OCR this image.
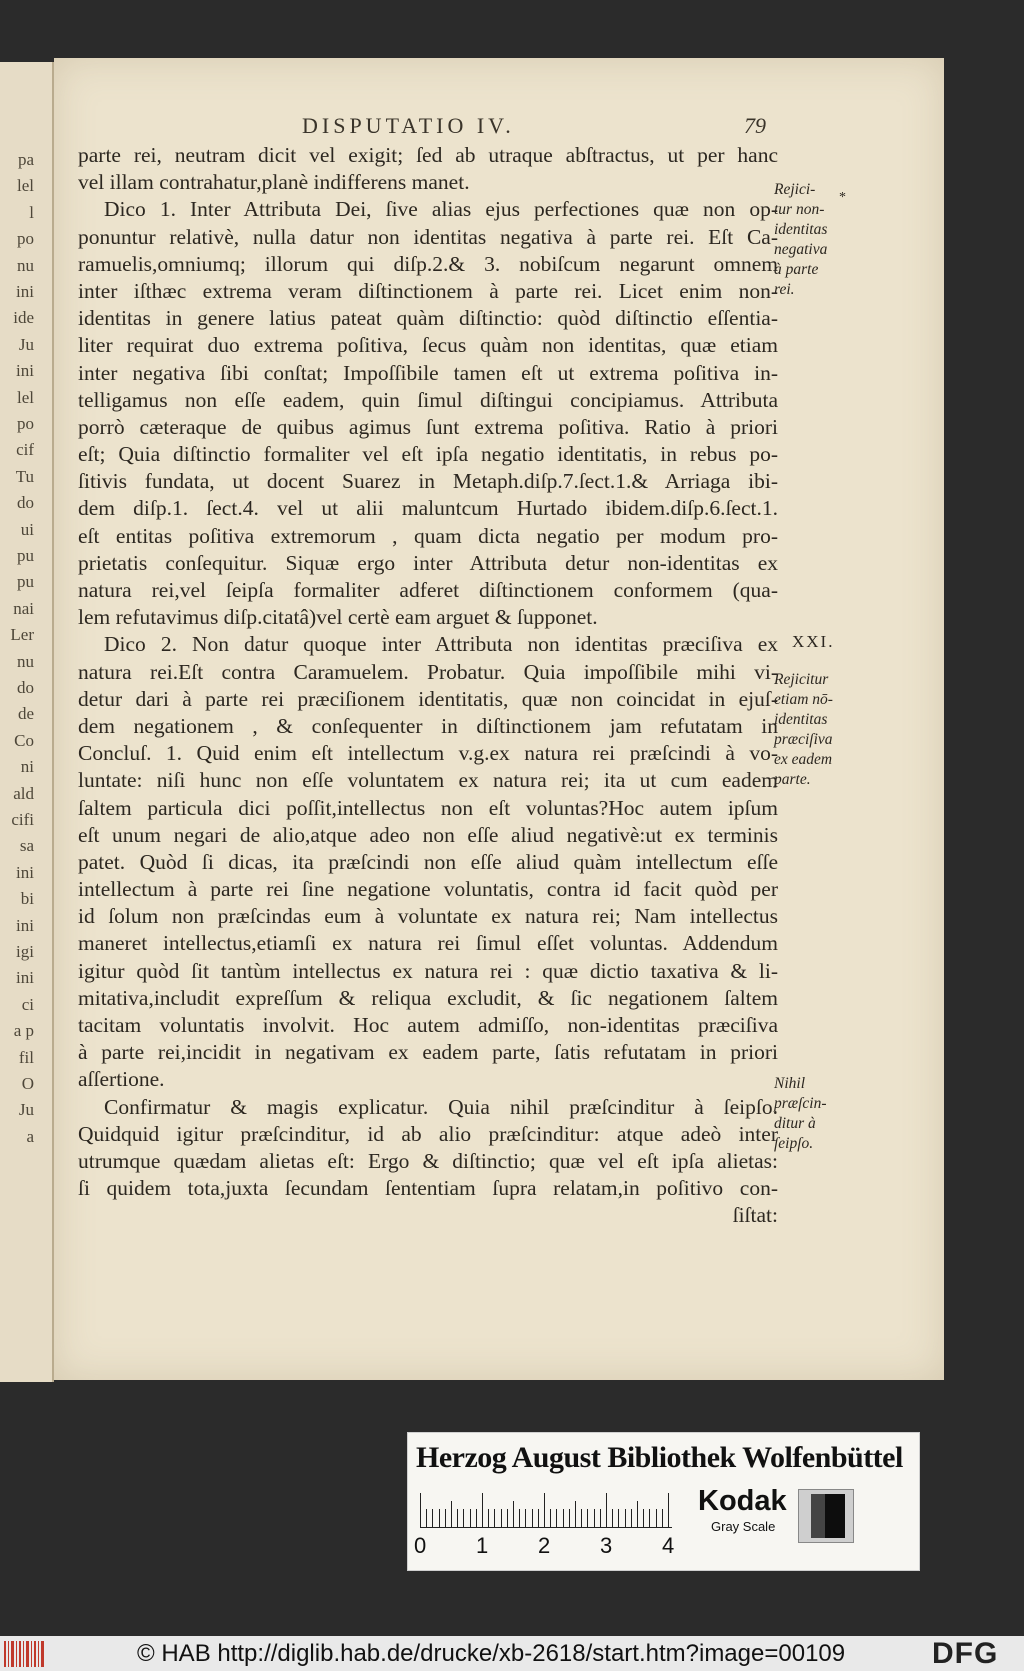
pa
lel
l
po
nu
ini
ide
Ju
ini
lel
po
cif
Tu
do
ui
pu
pu
nai
Ler
nu
do
de
Co
ni
ald
cifi
sa
ini
bi
ini
igi
ini
ci
a p
fil
O
Ju
a
DISPUTATIO IV.	79
parte rei, neutram dicit vel exigit; ſed ab utraque abſtractus, ut per hanc
vel illam contrahatur,planè indifferens manet.
Dico 1. Inter Attributa Dei, ſive alias ejus perfectiones quæ non op-
ponuntur relativè, nulla datur non identitas negativa à parte rei. Eſt Ca-
ramuelis,omniumq; illorum qui diſp.2.& 3. nobiſcum negarunt omnem
inter iſthæc extrema veram diſtinctionem à parte rei. Licet enim non-
identitas in genere latius pateat quàm diſtinctio: quòd diſtinctio eſſentia-
liter requirat duo extrema poſitiva, ſecus quàm non identitas, quæ etiam
inter negativa ſibi conſtat; Impoſſibile tamen eſt ut extrema poſitiva in-
telligamus non eſſe eadem, quin ſimul diſtingui concipiamus. Attributa
porrò cæteraque de quibus agimus ſunt extrema poſitiva. Ratio à priori
eſt; Quia diſtinctio formaliter vel eſt ipſa negatio identitatis, in rebus po-
ſitivis fundata, ut docent Suarez in Metaph.diſp.7.ſect.1.& Arriaga ibi-
dem diſp.1. ſect.4. vel ut alii maluntcum Hurtado ibidem.diſp.6.ſect.1.
eſt entitas poſitiva extremorum , quam dicta negatio per modum pro-
prietatis conſequitur. Siquæ ergo inter Attributa detur non-identitas ex
natura rei,vel ſeipſa formaliter adferet diſtinctionem conformem (qua-
lem refutavimus diſp.citatâ)vel certè eam arguet & ſupponet.
Dico 2. Non datur quoque inter Attributa non identitas præciſiva ex
natura rei.Eſt contra Caramuelem. Probatur. Quia impoſſibile mihi vi-
detur dari à parte rei præciſionem identitatis, quæ non coincidat in ejuſ-
dem negationem , & conſequenter in diſtinctionem jam refutatam in
Concluſ. 1. Quid enim eſt intellectum v.g.ex natura rei præſcindi à vo-
luntate: niſi hunc non eſſe voluntatem ex natura rei; ita ut cum eadem
ſaltem particula dici poſſit,intellectus non eſt voluntas?Hoc autem ipſum
eſt unum negari de alio,atque adeo non eſſe aliud negativè:ut ex terminis
patet. Quòd ſi dicas, ita præſcindi non eſſe aliud quàm intellectum eſſe
intellectum à parte rei ſine negatione voluntatis, contra id facit quòd per
id ſolum non præſcindas eum à voluntate ex natura rei; Nam intellectus
maneret intellectus,etiamſi ex natura rei ſimul eſſet voluntas. Addendum
igitur quòd ſit tantùm intellectus ex natura rei : quæ dictio taxativa & li-
mitativa,includit expreſſum & reliqua excludit, & ſic negationem ſaltem
tacitam voluntatis involvit. Hoc autem admiſſo, non-identitas præciſiva
à parte rei,incidit in negativam ex eadem parte, ſatis refutatam in priori
aſſertione.
Confirmatur & magis explicatur. Quia nihil præſcinditur à ſeipſo.
Quidquid igitur præſcinditur, id ab alio præſcinditur: atque adeò inter
utrumque quædam alietas eſt: Ergo & diſtinctio; quæ vel eſt ipſa alietas:
ſi quidem tota,juxta ſecundam ſententiam ſupra relatam,in poſitivo con-
ſiſtat:
Rejici-
tur non-
identitas
negativa
à parte
rei.
XXI.
Rejicitur
etiam nō-
identitas
præciſiva
ex eadem
parte.
Nihil
præſcin-
ditur à
ſeipſo.
*
Herzog August Bibliothek Wolfenbüttel
0 1 2 3 4
Kodak
Gray Scale
© HAB http://diglib.hab.de/drucke/xb-2618/start.htm?image=00109	DFG
